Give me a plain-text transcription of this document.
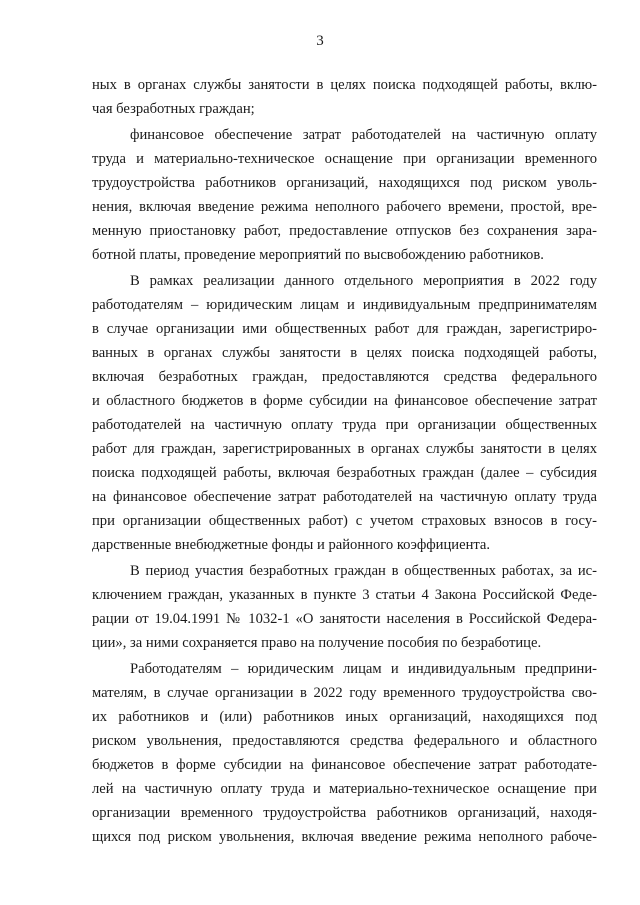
3
ных в органах службы занятости в целях поиска подходящей работы, вклю-
чая безработных граждан;
финансовое обеспечение затрат работодателей на частичную оплату
труда и материально-техническое оснащение при организации временного
трудоустройства работников организаций, находящихся под риском уволь-
нения, включая введение режима неполного рабочего времени, простой, вре-
менную приостановку работ, предоставление отпусков без сохранения зара-
ботной платы, проведение мероприятий по высвобождению работников.
В рамках реализации данного отдельного мероприятия в 2022 году
работодателям – юридическим лицам и индивидуальным предпринимателям
в случае организации ими общественных работ для граждан, зарегистриро-
ванных в органах службы занятости в целях поиска подходящей работы,
включая безработных граждан, предоставляются средства федерального
и областного бюджетов в форме субсидии на финансовое обеспечение затрат
работодателей на частичную оплату труда при организации общественных
работ для граждан, зарегистрированных в органах службы занятости в целях
поиска подходящей работы, включая безработных граждан (далее – субсидия
на финансовое обеспечение затрат работодателей на частичную оплату труда
при организации общественных работ) с учетом страховых взносов в госу-
дарственные внебюджетные фонды и районного коэффициента.
В период участия безработных граждан в общественных работах, за ис-
ключением граждан, указанных в пункте 3 статьи 4 Закона Российской Феде-
рации от 19.04.1991 № 1032-1 «О занятости населения в Российской Федера-
ции», за ними сохраняется право на получение пособия по безработице.
Работодателям – юридическим лицам и индивидуальным предприни-
мателям, в случае организации в 2022 году временного трудоустройства сво-
их работников и (или) работников иных организаций, находящихся под
риском увольнения, предоставляются средства федерального и областного
бюджетов в форме субсидии на финансовое обеспечение затрат работодате-
лей на частичную оплату труда и материально-техническое оснащение при
организации временного трудоустройства работников организаций, находя-
щихся под риском увольнения, включая введение режима неполного рабоче-
